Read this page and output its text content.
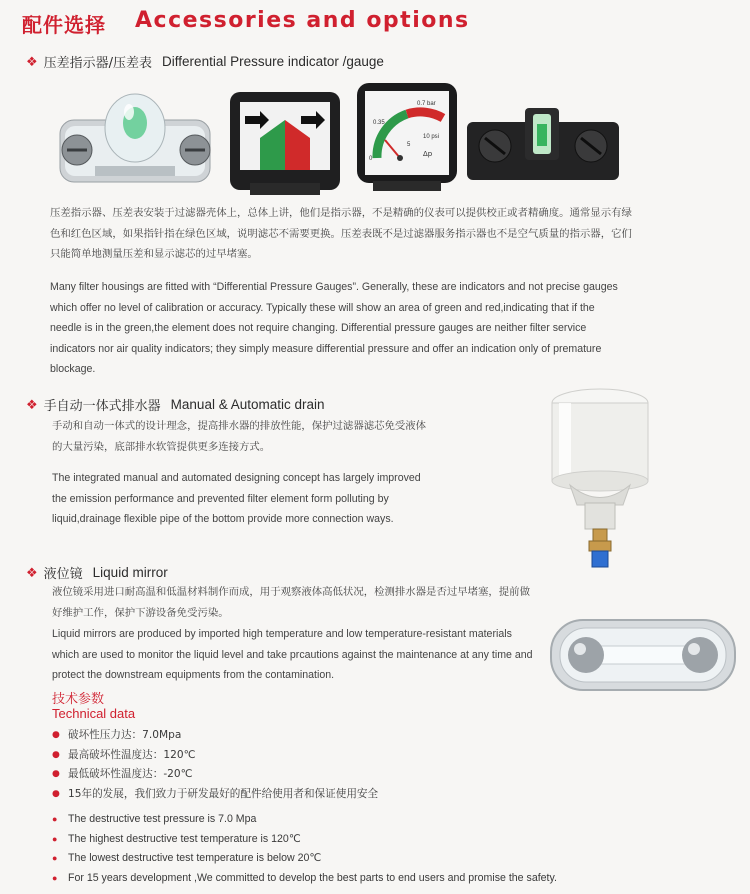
配件选择 Accessories and options
❖ 压差指示器/压差表 Differential Pressure indicator /gauge
0.7 bar
0.35
0
10 psi
5
Δp
压差指示器、压差表安装于过滤器壳体上，总体上讲，他们是指示器，不是精确的仪表可以提供校正或者精确度。通常显示有绿色和红色区域，如果指针指在绿色区域，说明滤芯不需要更换。压差表既不是过滤器服务指示器也不是空气质量的指示器，它们只能简单地测量压差和显示滤芯的过早堵塞。
Many filter housings are fitted with “Differential Pressure Gauges”. Generally, these are indicators and not precise gauges which offer no level of calibration or accuracy. Typically these will show an area of green and red,indicating that if the needle is in the green,the element does not require changing. Differential pressure gauges are neither filter service indicators nor air quality indicators; they simply measure differential pressure and offer an indication only of premature blockage.
❖ 手自动一体式排水器 Manual & Automatic drain
手动和自动一体式的设计理念，提高排水器的排放性能，保护过滤器滤芯免受液体的大量污染，底部排水软管提供更多连接方式。
The integrated manual and automated designing concept has largely improved the emission performance and prevented filter element form polluting by liquid,drainage flexible pipe of the bottom provide more connection ways.
❖ 液位镜 Liquid mirror
液位镜采用进口耐高温和低温材料制作而成，用于观察液体高低状况，检测排水器是否过早堵塞，提前做好维护工作，保护下游设备免受污染。
Liquid mirrors are produced by imported high temperature and low temperature-resistant materials which are used to monitor the liquid level and take prcautions against the maintenance at any time and protect the downstream equipments from the contamination.
技术参数
Technical data
● 破坏性压力达：7.0Mpa
● 最高破坏性温度达：120℃
● 最低破坏性温度达：-20℃
● 15年的发展，我们致力于研发最好的配件给使用者和保证使用安全
● The destructive test pressure is 7.0 Mpa
● The highest destructive test temperature is 120℃
● The lowest destructive test temperature is below 20℃
● For 15 years development ,We committed to develop the best parts to end users and promise the safety.
